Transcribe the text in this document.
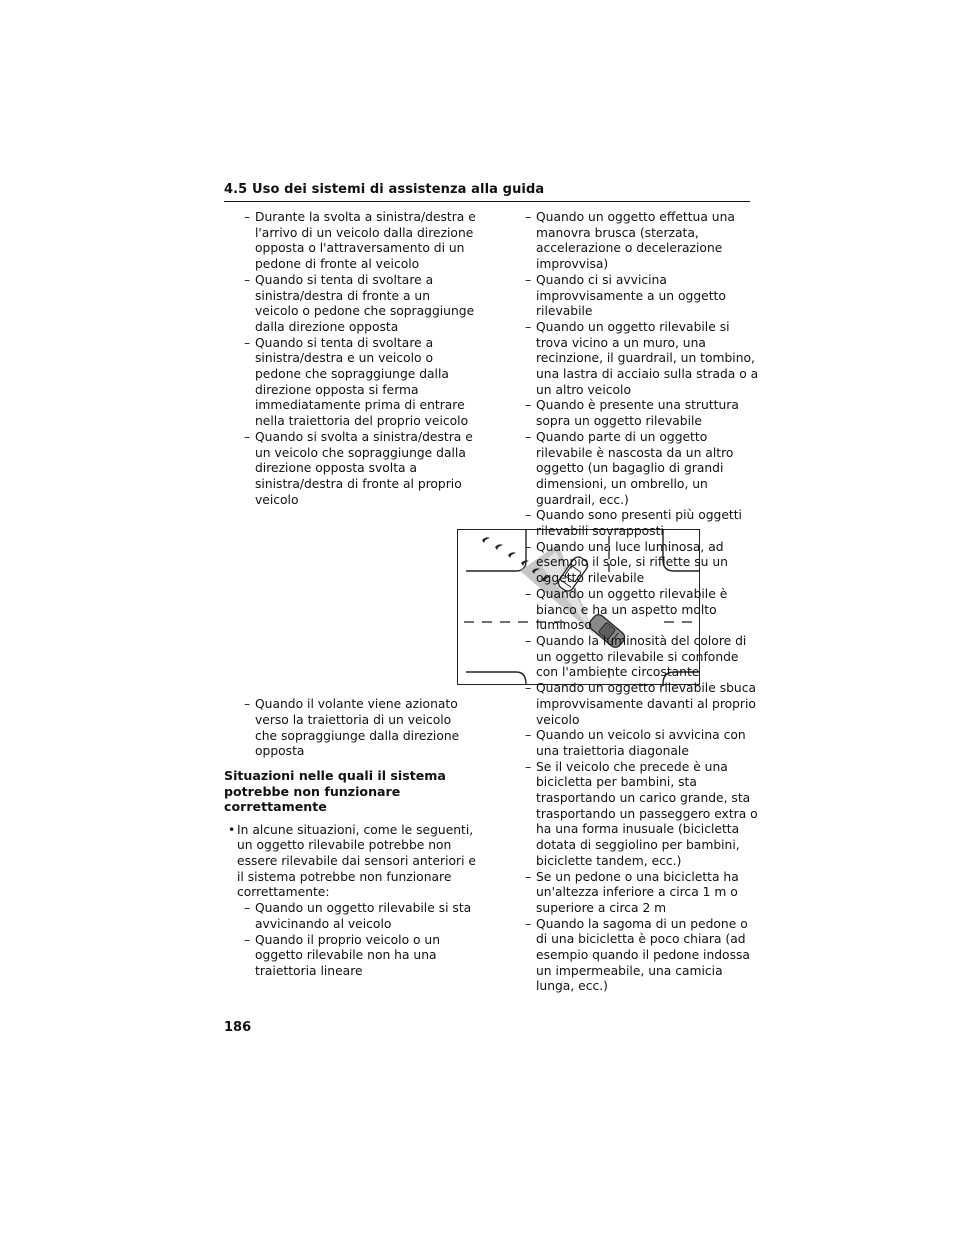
4.5 Uso dei sistemi di assistenza alla guida
– Durante la svolta a sinistra/destra e l'arrivo di un veicolo dalla direzione opposta o l'attraversamento di un pedone di fronte al veicolo
– Quando si tenta di svoltare a sinistra/destra di fronte a un veicolo o pedone che sopraggiunge dalla direzione opposta
– Quando si tenta di svoltare a sinistra/destra e un veicolo o pedone che sopraggiunge dalla direzione opposta si ferma immediatamente prima di entrare nella traiettoria del proprio veicolo
– Quando si svolta a sinistra/destra e un veicolo che sopraggiunge dalla direzione opposta svolta a sinistra/destra di fronte al proprio veicolo
– Quando il volante viene azionato verso la traiettoria di un veicolo che sopraggiunge dalla direzione opposta
Situazioni nelle quali il sistema potrebbe non funzionare correttamente
• In alcune situazioni, come le seguenti, un oggetto rilevabile potrebbe non essere rilevabile dai sensori anteriori e il sistema potrebbe non funzionare correttamente:
– Quando un oggetto rilevabile si sta avvicinando al veicolo
– Quando il proprio veicolo o un oggetto rilevabile non ha una traiettoria lineare
– Quando un oggetto effettua una manovra brusca (sterzata, accelerazione o decelerazione improvvisa)
– Quando ci si avvicina improvvisamente a un oggetto rilevabile
– Quando un oggetto rilevabile si trova vicino a un muro, una recinzione, il guardrail, un tombino, una lastra di acciaio sulla strada o a un altro veicolo
– Quando è presente una struttura sopra un oggetto rilevabile
– Quando parte di un oggetto rilevabile è nascosta da un altro oggetto (un bagaglio di grandi dimensioni, un ombrello, un guardrail, ecc.)
– Quando sono presenti più oggetti rilevabili sovrapposti
– Quando una luce luminosa, ad esempio il sole, si riflette su un oggetto rilevabile
– Quando un oggetto rilevabile è bianco e ha un aspetto molto luminoso
– Quando la luminosità del colore di un oggetto rilevabile si confonde con l'ambiente circostante
– Quando un oggetto rilevabile sbuca improvvisamente davanti al proprio veicolo
– Quando un veicolo si avvicina con una traiettoria diagonale
– Se il veicolo che precede è una bicicletta per bambini, sta trasportando un carico grande, sta trasportando un passeggero extra o ha una forma inusuale (bicicletta dotata di seggiolino per bambini, biciclette tandem, ecc.)
– Se un pedone o una bicicletta ha un'altezza inferiore a circa 1 m o superiore a circa 2 m
– Quando la sagoma di un pedone o di una bicicletta è poco chiara (ad esempio quando il pedone indossa un impermeabile, una camicia lunga, ecc.)
186
